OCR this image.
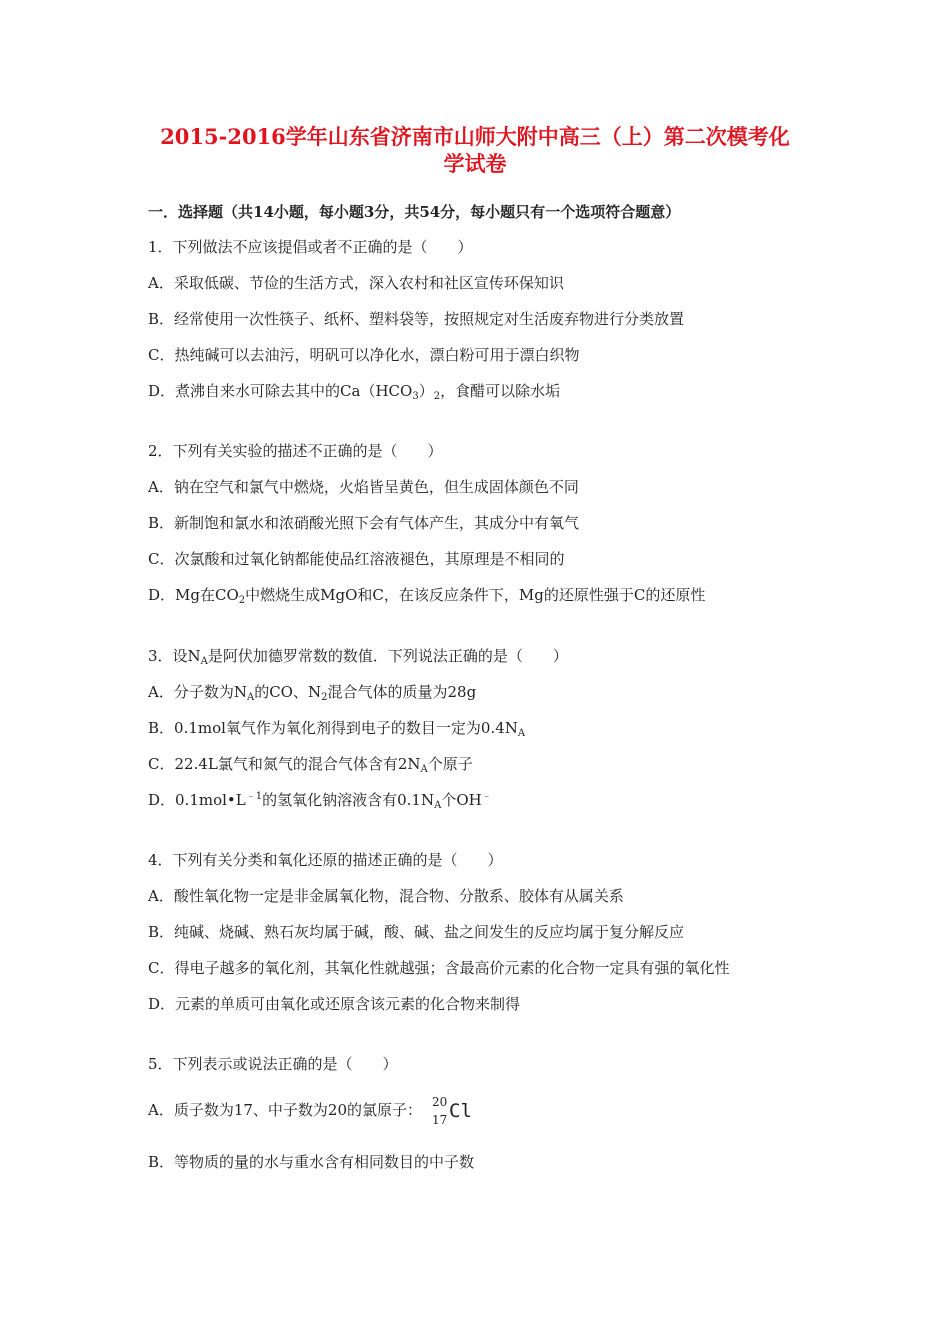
2015-2016学年山东省济南市山师大附中高三（上）第二次模考化
学试卷
一．选择题（共14小题，每小题3分，共54分，每小题只有一个选项符合题意）
1．下列做法不应该提倡或者不正确的是（　　）
A．采取低碳、节俭的生活方式，深入农村和社区宣传环保知识
B．经常使用一次性筷子、纸杯、塑料袋等，按照规定对生活废弃物进行分类放置
C．热纯碱可以去油污，明矾可以净化水，漂白粉可用于漂白织物
D．煮沸自来水可除去其中的$Ca(HCO_3)_2$，食醋可以除水垢
2．下列有关实验的描述不正确的是（　　）
A．钠在空气和氯气中燃烧，火焰皆呈黄色，但生成固体颜色不同
B．新制饱和氯水和浓硝酸光照下会有气体产生，其成分中有氧气
C．次氯酸和过氧化钠都能使品红溶液褪色，其原理是不相同的
D．Mg在$CO_2$中燃烧生成MgO和C，在该反应条件下，Mg的还原性强于C的还原性
3．设$N_A$是阿伏加德罗常数的数值．下列说法正确的是（　　）
A．分子数为$N_A$的CO、$N_2$混合气体的质量为28g
B．0.1mol氧气作为氧化剂得到电子的数目一定为$0.4N_A$
C．22.4L氯气和氮气的混合气体含有$2N_A$个原子
D．$0.1mol•L^{﹣1}$的氢氧化钠溶液含有$0.1N_A$个OH﹣
4．下列有关分类和氧化还原的描述正确的是（　　）
A．酸性氧化物一定是非金属氧化物，混合物、分散系、胶体有从属关系
B．纯碱、烧碱、熟石灰均属于碱，酸、碱、盐之间发生的反应均属于复分解反应
C．得电子越多的氧化剂，其氧化性就越强；含最高价元素的化合物一定具有强的氧化性
D．元素的单质可由氧化或还原含该元素的化合物来制得
5．下列表示或说法正确的是（　　）
A．质子数为17、中子数为20的氯原子： 20
17 Cl
B．等物质的量的水与重水含有相同数目的中子数
